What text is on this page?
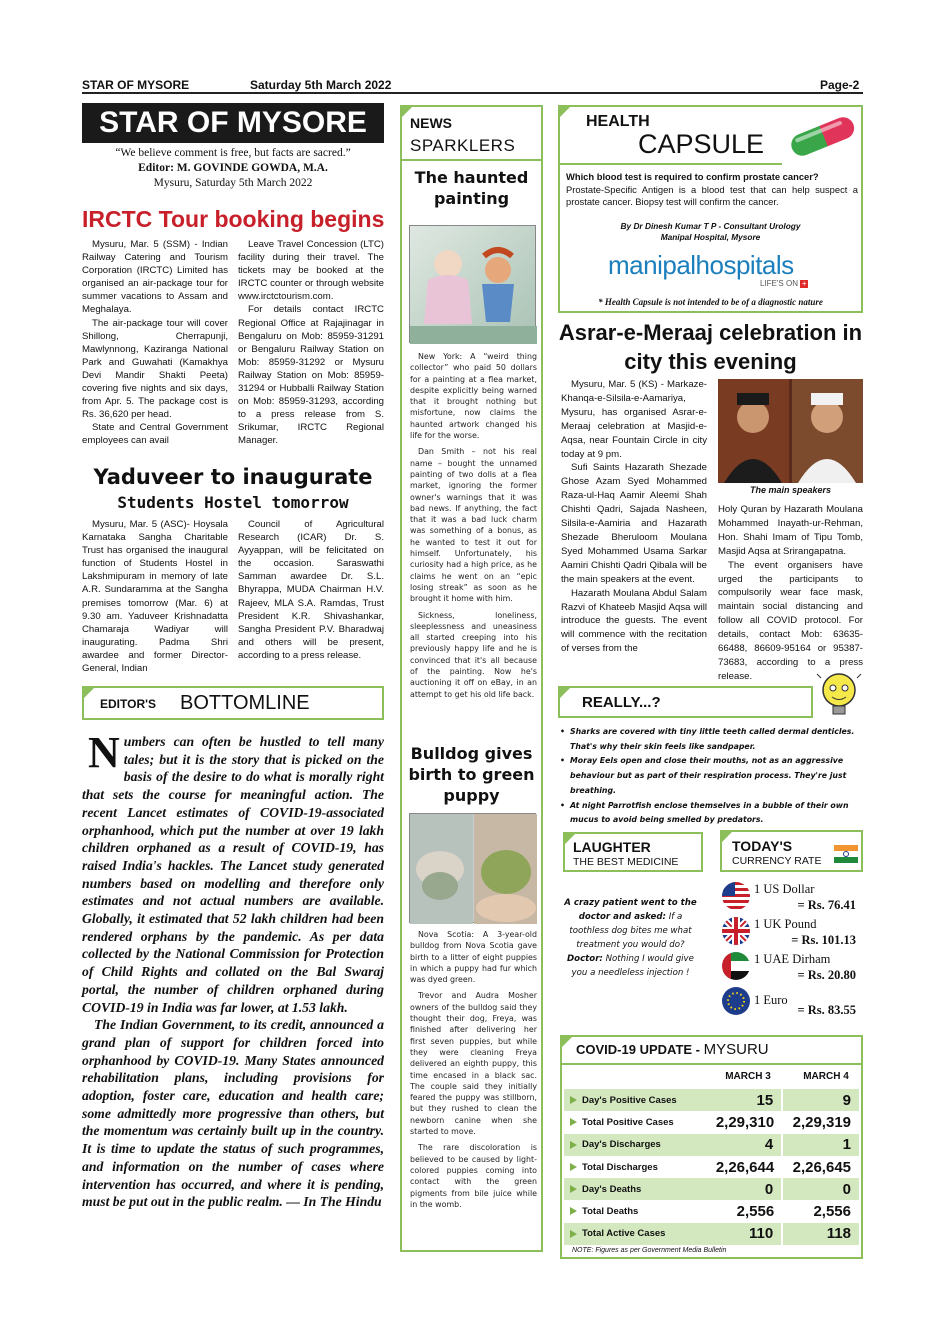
STAR OF MYSORE	Saturday 5th March 2022	Page-2
STAR OF MYSORE
“We believe comment is free, but facts are sacred.”
Editor: M. GOVINDE GOWDA, M.A.
Mysuru, Saturday 5th March 2022
IRCTC Tour booking begins

Mysuru, Mar. 5 (SSM) - Indian Railway Catering and Tourism Corporation (IRCTC) Limited has organised an air-package tour for summer vacations to Assam and Meghalaya.

The air-package tour will cover Shillong, Cherrapunji, Mawlynnong, Kaziranga National Park and Guwahati (Kamakhya Devi Mandir Shakti Peeta) covering five nights and six days, from Apr. 5. The package cost is Rs. 36,620 per head.

State and Central Government employees can avail

Leave Travel Concession (LTC) facility during their travel. The tickets may be booked at the IRCTC counter or through website www.irctctourism.com.

For details contact IRCTC Regional Office at Rajajinagar in Bengaluru on Mob: 85959-31291 or Bengaluru Railway Station on Mob: 85959-31292 or Mysuru Railway Station on Mob: 85959-31294 or Hubballi Railway Station on Mob: 85959-31293, according to a press release from S. Srikumar, IRCTC Regional Manager.

Yaduveer to inaugurate
Students Hostel tomorrow

Mysuru, Mar. 5 (ASC)- Hoysala Karnataka Sangha Charitable Trust has organised the inaugural function of Students Hostel in Lakshmipuram in memory of late A.R. Sundaramma at the Sangha premises tomorrow (Mar. 6) at 9.30 am. Yaduveer Krishnadatta Chamaraja Wadiyar will inaugurating. Padma Shri awardee and former Director-General, Indian

Council of Agricultural Research (ICAR) Dr. S. Ayyappan, will be felicitated on the occasion. Saraswathi Samman awardee Dr. S.L. Bhyrappa, MUDA Chairman H.V. Rajeev, MLA S.A. Ramdas, Trust President K.R. Shivashankar, Sangha President P.V. Bharadwaj and others will be present, according to a press release.

EDITOR'S BOTTOMLINE

Numbers can often be hustled to tell many tales; but it is the story that is picked on the basis of the desire to do what is morally right that sets the course for meaningful action. The recent Lancet estimates of COVID-19-associated orphanhood, which put the number at over 19 lakh children orphaned as a result of COVID-19, has raised India's hackles. The Lancet study generated numbers based on modelling and therefore only estimates and not actual numbers are available. Globally, it estimated that 52 lakh children had been rendered orphans by the pandemic. As per data collected by the National Commission for Protection of Child Rights and collated on the Bal Swaraj portal, the number of children orphaned during COVID-19 in India was far lower, at 1.53 lakh.

The Indian Government, to its credit, announced a grand plan of support for children forced into orphanhood by COVID-19. Many States announced rehabilitation plans, including provisions for adoption, foster care, education and health care; some admittedly more progressive than others, but the momentum was certainly built up in the country. It is time to update the status of such programmes, and information on the number of cases where intervention has occurred, and where it is pending, must be put out in the public realm. — In The Hindu

NEWS
SPARKLERS
The haunted painting

New York: A “weird thing collector” who paid 50 dollars for a painting at a flea market, despite explicitly being warned that it brought nothing but misfortune, now claims the haunted artwork changed his life for the worse.

Dan Smith – not his real name – bought the unnamed painting of two dolls at a flea market, ignoring the former owner's warnings that it was bad news. If anything, the fact that it was a bad luck charm was something of a bonus, as he wanted to test it out for himself. Unfortunately, his curiosity had a high price, as he claims he went on an “epic losing streak” as soon as he brought it home with him.

Sickness, loneliness, sleeplessness and uneasiness all started creeping into his previously happy life and he is convinced that it's all because of the painting. Now he's auctioning it off on eBay, in an attempt to get his old life back.

Bulldog gives birth to green puppy

Nova Scotia: A 3-year-old bulldog from Nova Scotia gave birth to a litter of eight puppies in which a puppy had fur which was dyed green.

Trevor and Audra Mosher owners of the bulldog said they thought their dog, Freya, was finished after delivering her first seven puppies, but while they were cleaning Freya delivered an eighth puppy, this time encased in a black sac. The couple said they initially feared the puppy was stillborn, but they rushed to clean the newborn canine when she started to move.

The rare discoloration is believed to be caused by light-colored puppies coming into contact with the green pigments from bile juice while in the womb.

HEALTH
CAPSULE

Which blood test is required to confirm prostate cancer?

Prostate-Specific Antigen is a blood test that can help suspect a prostate cancer. Biopsy test will confirm the cancer.

By Dr Dinesh Kumar T P - Consultant Urology
Manipal Hospital, Mysore
manipalhospitals
LIFE'S ON +
* Health Capsule is not intended to be of a diagnostic nature
Asrar-e-Meraaj celebration in city this evening

Mysuru, Mar. 5 (KS) - Markaze-Khanqa-e-Silsila-e-Aamariya, Mysuru, has organised Asrar-e-Meraaj celebration at Masjid-e-Aqsa, near Fountain Circle in city today at 9 pm.

Sufi Saints Hazarath Shezade Ghose Azam Syed Mohammed Raza-ul-Haq Aamir Aleemi Shah Chishti Qadri, Sajada Nasheen, Silsila-e-Aamiria and Hazarath Shezade Bheruloom Moulana Syed Mohammed Usama Sarkar Aamiri Chishti Qadri Qibala will be the main speakers at the event.

Hazarath Moulana Abdul Salam Razvi of Khateeb Masjid Aqsa will introduce the guests. The event will commence with the recitation of verses from the

The main speakers

Holy Quran by Hazarath Moulana Mohammed Inayath-ur-Rehman, Hon. Shahi Imam of Tipu Tomb, Masjid Aqsa at Srirangapatna.

The event organisers have urged the participants to compulsorily wear face mask, maintain social distancing and follow all COVID protocol. For details, contact Mob: 63635-66488, 86609-95164 or 95387-73683, according to a press release.

REALLY...?
• Sharks are covered with tiny little teeth called dermal denticles. That's why their skin feels like sandpaper.
• Moray Eels open and close their mouths, not as an aggressive behaviour but as part of their respiration process. They're just breathing.
• At night Parrotfish enclose themselves in a bubble of their own mucus to avoid being smelled by predators.
LAUGHTER
THE BEST MEDICINE
A crazy patient went to the doctor and asked: If a toothless dog bites me what treatment you would do? Doctor: Nothing I would give you a needleless injection !
TODAY'S
CURRENCY RATE
1 US Dollar
= Rs. 76.41
1 UK Pound
= Rs. 101.13
1 UAE Dirham
= Rs. 20.80
1 Euro
= Rs. 83.55
COVID-19 UPDATE - MYSURU
MARCH 3	MARCH 4
Day's Positive Cases	15	9
Total Positive Cases	2,29,310	2,29,319
Day's Discharges	4	1
Total Discharges	2,26,644	2,26,645
Day's Deaths	0	0
Total Deaths	2,556	2,556
Total Active Cases	110	118
NOTE: Figures as per Government Media Bulletin
